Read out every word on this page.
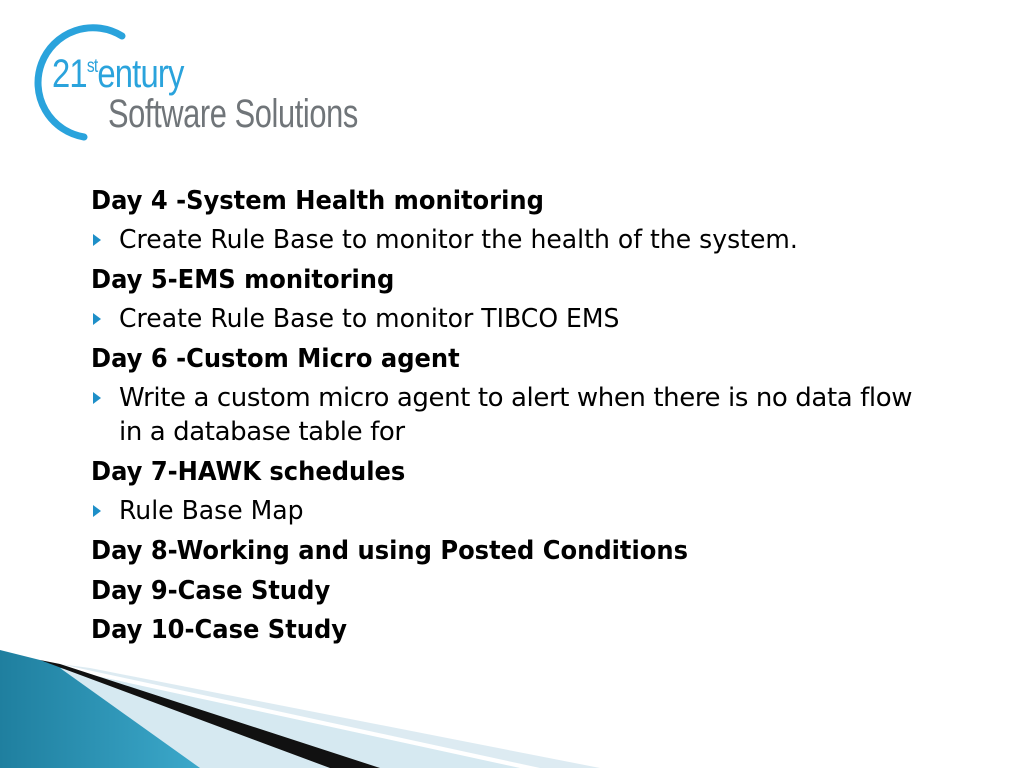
21stentury
Software Solutions
Day 4 -System Health monitoring
Create Rule Base to monitor the health of the system.
Day 5-EMS monitoring
Create Rule Base to monitor TIBCO EMS
Day 6 -Custom Micro agent
Write a custom micro agent to alert when there is no data flow in a database table for
Day 7-HAWK schedules
Rule Base Map
Day 8-Working and using Posted Conditions
Day 9-Case Study
Day 10-Case Study
